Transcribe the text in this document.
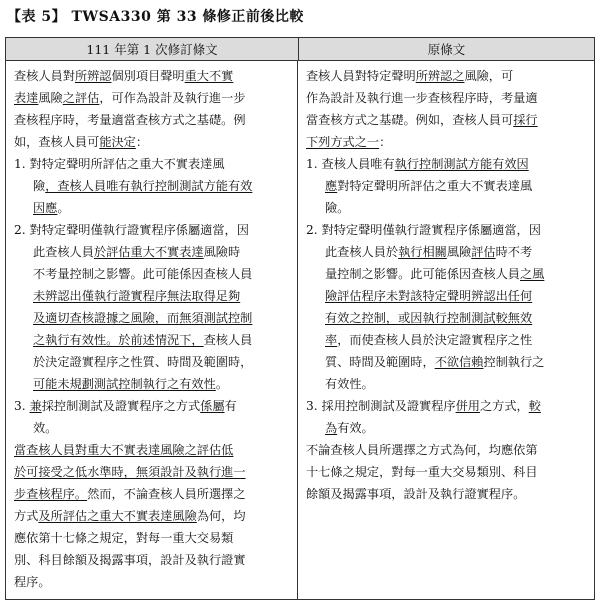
【表 5】 TWSA330 第 33 條修正前後比較
111 年第 1 次修訂條文	原條文
查核人員對所辨認個別項目聲明重大不實
表達風險之評估，可作為設計及執行進一步
查核程序時，考量適當查核方式之基礎。例
如，查核人員可能決定：
1. 對特定聲明所評估之重大不實表達風
險，查核人員唯有執行控制測試方能有效
因應。
2. 對特定聲明僅執行證實程序係屬適當，因
此查核人員於評估重大不實表達風險時
不考量控制之影響。此可能係因查核人員
未辨認出僅執行證實程序無法取得足夠
及適切查核證據之風險，而無須測試控制
之執行有效性。於前述情況下，查核人員
於決定證實程序之性質、時間及範圍時，
可能未規劃測試控制執行之有效性。
3. 兼採控制測試及證實程序之方式係屬有
效。
當查核人員對重大不實表達風險之評估低
於可接受之低水準時，無須設計及執行進一
步查核程序。然而，不論查核人員所選擇之
方式及所評估之重大不實表達風險為何，均
應依第十七條之規定，對每一重大交易類
別、科目餘額及揭露事項，設計及執行證實
程序。
查核人員對特定聲明所辨認之風險，可
作為設計及執行進一步查核程序時，考量適
當查核方式之基礎。例如，查核人員可採行
下列方式之一：
1. 查核人員唯有執行控制測試方能有效因
應對特定聲明所評估之重大不實表達風
險。
2. 對特定聲明僅執行證實程序係屬適當，因
此查核人員於執行相關風險評估時不考
量控制之影響。此可能係因查核人員之風
險評估程序未對該特定聲明辨認出任何
有效之控制，或因執行控制測試較無效
率，而使查核人員於決定證實程序之性
質、時間及範圍時，不欲信賴控制執行之
有效性。
3. 採用控制測試及證實程序併用之方式，較
為有效。
不論查核人員所選擇之方式為何，均應依第
十七條之規定，對每一重大交易類別、科目
餘額及揭露事項，設計及執行證實程序。
